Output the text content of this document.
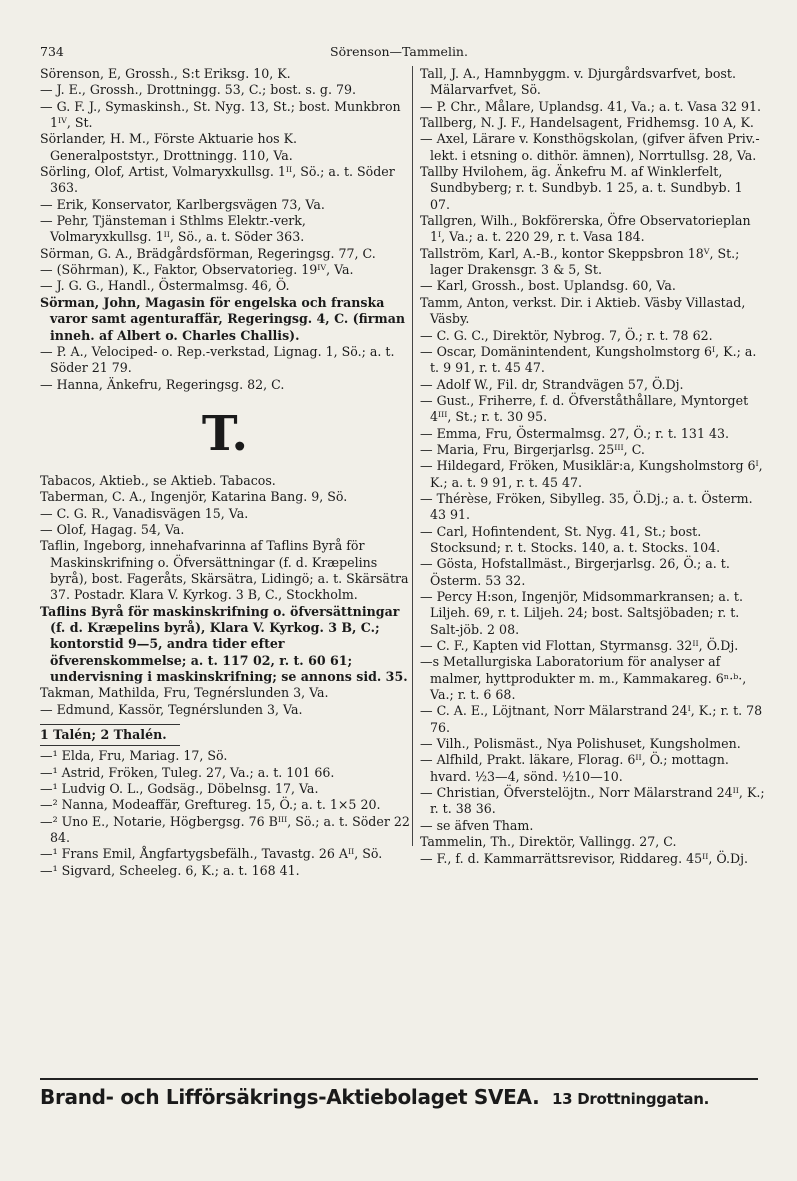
734	Sörenson—Tammelin.

Sörenson, E, Grossh., S:t Eriksg. 10, K.

— J. E., Grossh., Drottningg. 53, C.; bost. s. g. 79.

— G. F. J., Symaskinsh., St. Nyg. 13, St.; bost. Munkbron 1ᴵⱽ, St.

Sörlander, H. M., Förste Aktuarie hos K. Generalpoststyr., Drottningg. 110, Va.

Sörling, Olof, Artist, Volmaryxkullsg. 1ᴵᴵ, Sö.; a. t. Söder 363.

— Erik, Konservator, Karlbergsvägen 73, Va.

— Pehr, Tjänsteman i Sthlms Elektr.-verk, Volmaryxkullsg. 1ᴵᴵ, Sö., a. t. Söder 363.

Sörman, G. A., Brädgårdsförman, Regeringsg. 77, C.

— (Söhrman), K., Faktor, Observatorieg. 19ᴵⱽ, Va.

— J. G. G., Handl., Östermalmsg. 46, Ö.

Sörman, John, Magasin för engelska och franska varor samt agenturaffär, Regeringsg. 4, C. (firman inneh. af Albert o. Charles Challis).

— P. A., Velociped- o. Rep.-verkstad, Lignag. 1, Sö.; a. t. Söder 21 79.

— Hanna, Änkefru, Regeringsg. 82, C.

T.

Tabacos, Aktieb., se Aktieb. Tabacos.

Taberman, C. A., Ingenjör, Katarina Bang. 9, Sö.

— C. G. R., Vanadisvägen 15, Va.

— Olof, Hagag. 54, Va.

Taflin, Ingeborg, innehafvarinna af Taflins Byrå för Maskinskrifning o. Öfversättningar (f. d. Kræpelins byrå), bost. Fageråts, Skärsätra, Lidingö; a. t. Skärsätra 37. Postadr. Klara V. Kyrkog. 3 B, C., Stockholm.

Taflins Byrå för maskinskrifning o. öfversättningar (f. d. Kræpelins byrå), Klara V. Kyrkog. 3 B, C.; kontorstid 9—5, andra tider efter öfverenskommelse; a. t. 117 02, r. t. 60 61; undervisning i maskinskrifning; se annons sid. 35.

Takman, Mathilda, Fru, Tegnérslunden 3, Va.

— Edmund, Kassör, Tegnérslunden 3, Va.

1 Talén; 2 Thalén.

—¹ Elda, Fru, Mariag. 17, Sö.

—¹ Astrid, Fröken, Tuleg. 27, Va.; a. t. 101 66.

—¹ Ludvig O. L., Godsäg., Döbelnsg. 17, Va.

—² Nanna, Modeaffär, Greftureg. 15, Ö.; a. t. 1×5 20.

—² Uno E., Notarie, Högbergsg. 76 Bᴵᴵᴵ, Sö.; a. t. Söder 22 84.

—¹ Frans Emil, Ångfartygsbefälh., Tavastg. 26 Aᴵᴵ, Sö.

—¹ Sigvard, Scheeleg. 6, K.; a. t. 168 41.

Tall, J. A., Hamnbyggm. v. Djurgårdsvarfvet, bost. Mälarvarfvet, Sö.

— P. Chr., Målare, Uplandsg. 41, Va.; a. t. Vasa 32 91.

Tallberg, N. J. F., Handelsagent, Fridhemsg. 10 A, K.

— Axel, Lärare v. Konsthögskolan, (gifver äfven Priv.-lekt. i etsning o. dithör. ämnen), Norrtullsg. 28, Va.

Tallby Hvilohem, äg. Änkefru M. af Winklerfelt, Sundbyberg; r. t. Sundbyb. 1 25, a. t. Sundbyb. 1 07.

Tallgren, Wilh., Bokförerska, Öfre Observatorieplan 1ᴵ, Va.; a. t. 220 29, r. t. Vasa 184.

Tallström, Karl, A.-B., kontor Skeppsbron 18ⱽ, St.; lager Drakensgr. 3 & 5, St.

— Karl, Grossh., bost. Uplandsg. 60, Va.

Tamm, Anton, verkst. Dir. i Aktieb. Väsby Villastad, Väsby.

— C. G. C., Direktör, Nybrog. 7, Ö.; r. t. 78 62.

— Oscar, Domänintendent, Kungsholmstorg 6ᴵ, K.; a. t. 9 91, r. t. 45 47.

— Adolf W., Fil. dr, Strandvägen 57, Ö.Dj.

— Gust., Friherre, f. d. Öfverståthållare, Myntorget 4ᴵᴵᴵ, St.; r. t. 30 95.

— Emma, Fru, Östermalmsg. 27, Ö.; r. t. 131 43.

— Maria, Fru, Birgerjarlsg. 25ᴵᴵᴵ, C.

— Hildegard, Fröken, Musiklär:a, Kungsholmstorg 6ᴵ, K.; a. t. 9 91, r. t. 45 47.

— Thérèse, Fröken, Sibylleg. 35, Ö.Dj.; a. t. Österm. 43 91.

— Carl, Hofintendent, St. Nyg. 41, St.; bost. Stocksund; r. t. Stocks. 140, a. t. Stocks. 104.

— Gösta, Hofstallmäst., Birgerjarlsg. 26, Ö.; a. t. Österm. 53 32.

— Percy H:son, Ingenjör, Midsommarkransen; a. t. Liljeh. 69, r. t. Liljeh. 24; bost. Saltsjöbaden; r. t. Salt-jöb. 2 08.

— C. F., Kapten vid Flottan, Styrmansg. 32ᴵᴵ, Ö.Dj.

—s Metallurgiska Laboratorium för analyser af malmer, hyttprodukter m. m., Kammakareg. 6ⁿ·ᵇ·, Va.; r. t. 6 68.

— C. A. E., Löjtnant, Norr Mälarstrand 24ᴵ, K.; r. t. 78 76.

— Vilh., Polismäst., Nya Polishuset, Kungsholmen.

— Alfhild, Prakt. läkare, Florag. 6ᴵᴵ, Ö.; mottagn. hvard. ½3—4, sönd. ½10—10.

— Christian, Öfverstelöjtn., Norr Mälarstrand 24ᴵᴵ, K.; r. t. 38 36.

— se äfven Tham.

Tammelin, Th., Direktör, Vallingg. 27, C.

— F., f. d. Kammarrättsrevisor, Riddareg. 45ᴵᴵ, Ö.Dj.

Brand- och Lifförsäkrings-Aktiebolaget SVEA. 13 Drottninggatan.
